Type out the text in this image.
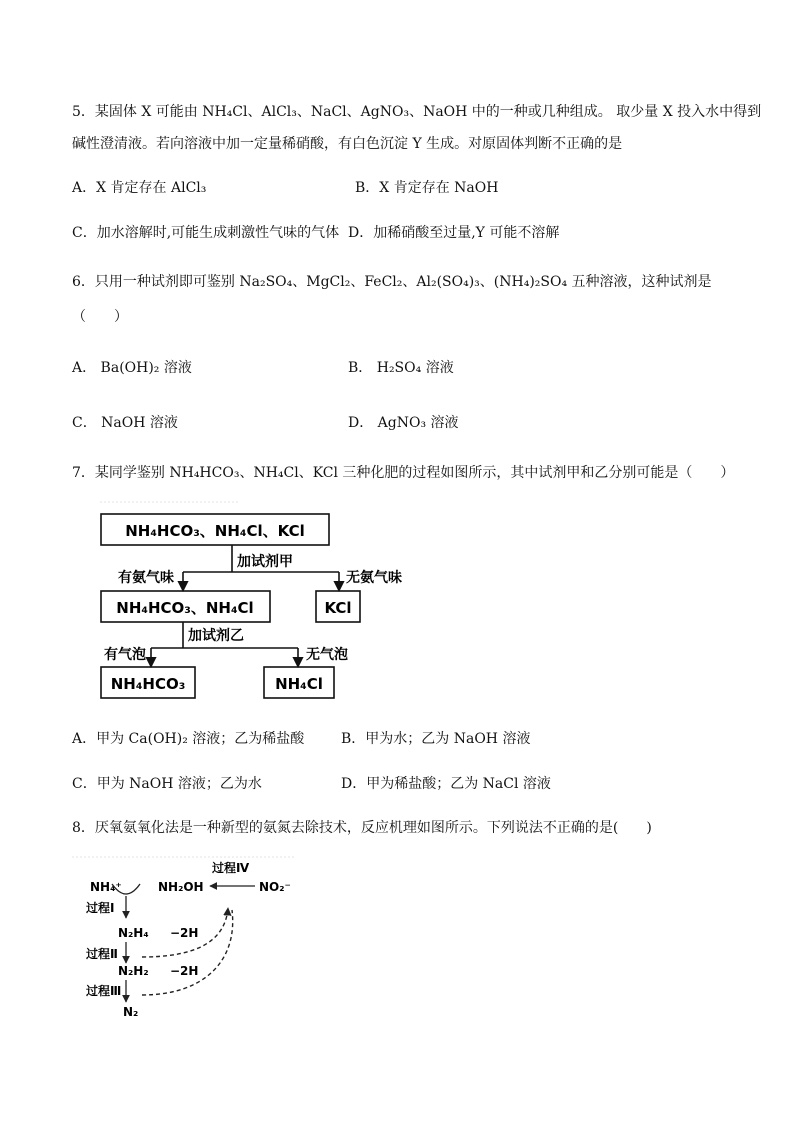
5．某固体 X 可能由 NH₄Cl、AlCl₃、NaCl、AgNO₃、NaOH 中的一种或几种组成。 取少量 X 投入水中得到
碱性澄清液。若向溶液中加一定量稀硝酸，有白色沉淀 Y 生成。对原固体判断不正确的是
A．X 肯定存在 AlCl₃	B．X 肯定存在 NaOH
C．加水溶解时,可能生成刺激性气味的气体 D．加稀硝酸至过量,Y 可能不溶解
6．只用一种试剂即可鉴别 Na₂SO₄、MgCl₂、FeCl₂、Al₂(SO₄)₃、(NH₄)₂SO₄ 五种溶液，这种试剂是
（　　）
A． Ba(OH)₂ 溶液	B． H₂SO₄ 溶液
C． NaOH 溶液	D． AgNO₃ 溶液
7．某同学鉴别 NH₄HCO₃、NH₄Cl、KCl 三种化肥的过程如图所示，其中试剂甲和乙分别可能是（　　）
NH₄HCO₃、NH₄Cl、KCl
加试剂甲
有氨气味	无氨气味
NH₄HCO₃、NH₄Cl	KCl
加试剂乙
有气泡	无气泡
NH₄HCO₃	NH₄Cl
A．甲为 Ca(OH)₂ 溶液；乙为稀盐酸	B．甲为水；乙为 NaOH 溶液
C．甲为 NaOH 溶液；乙为水	D．甲为稀盐酸；乙为 NaCl 溶液
8．厌氧氨氧化法是一种新型的氨氮去除技术，反应机理如图所示。下列说法不正确的是(　　)
NH₄⁺	NH₂OH
过程Ⅳ
NO₂⁻
过程Ⅰ
N₂H₄ −2H
过程Ⅱ
N₂H₂ −2H
过程Ⅲ
N₂
